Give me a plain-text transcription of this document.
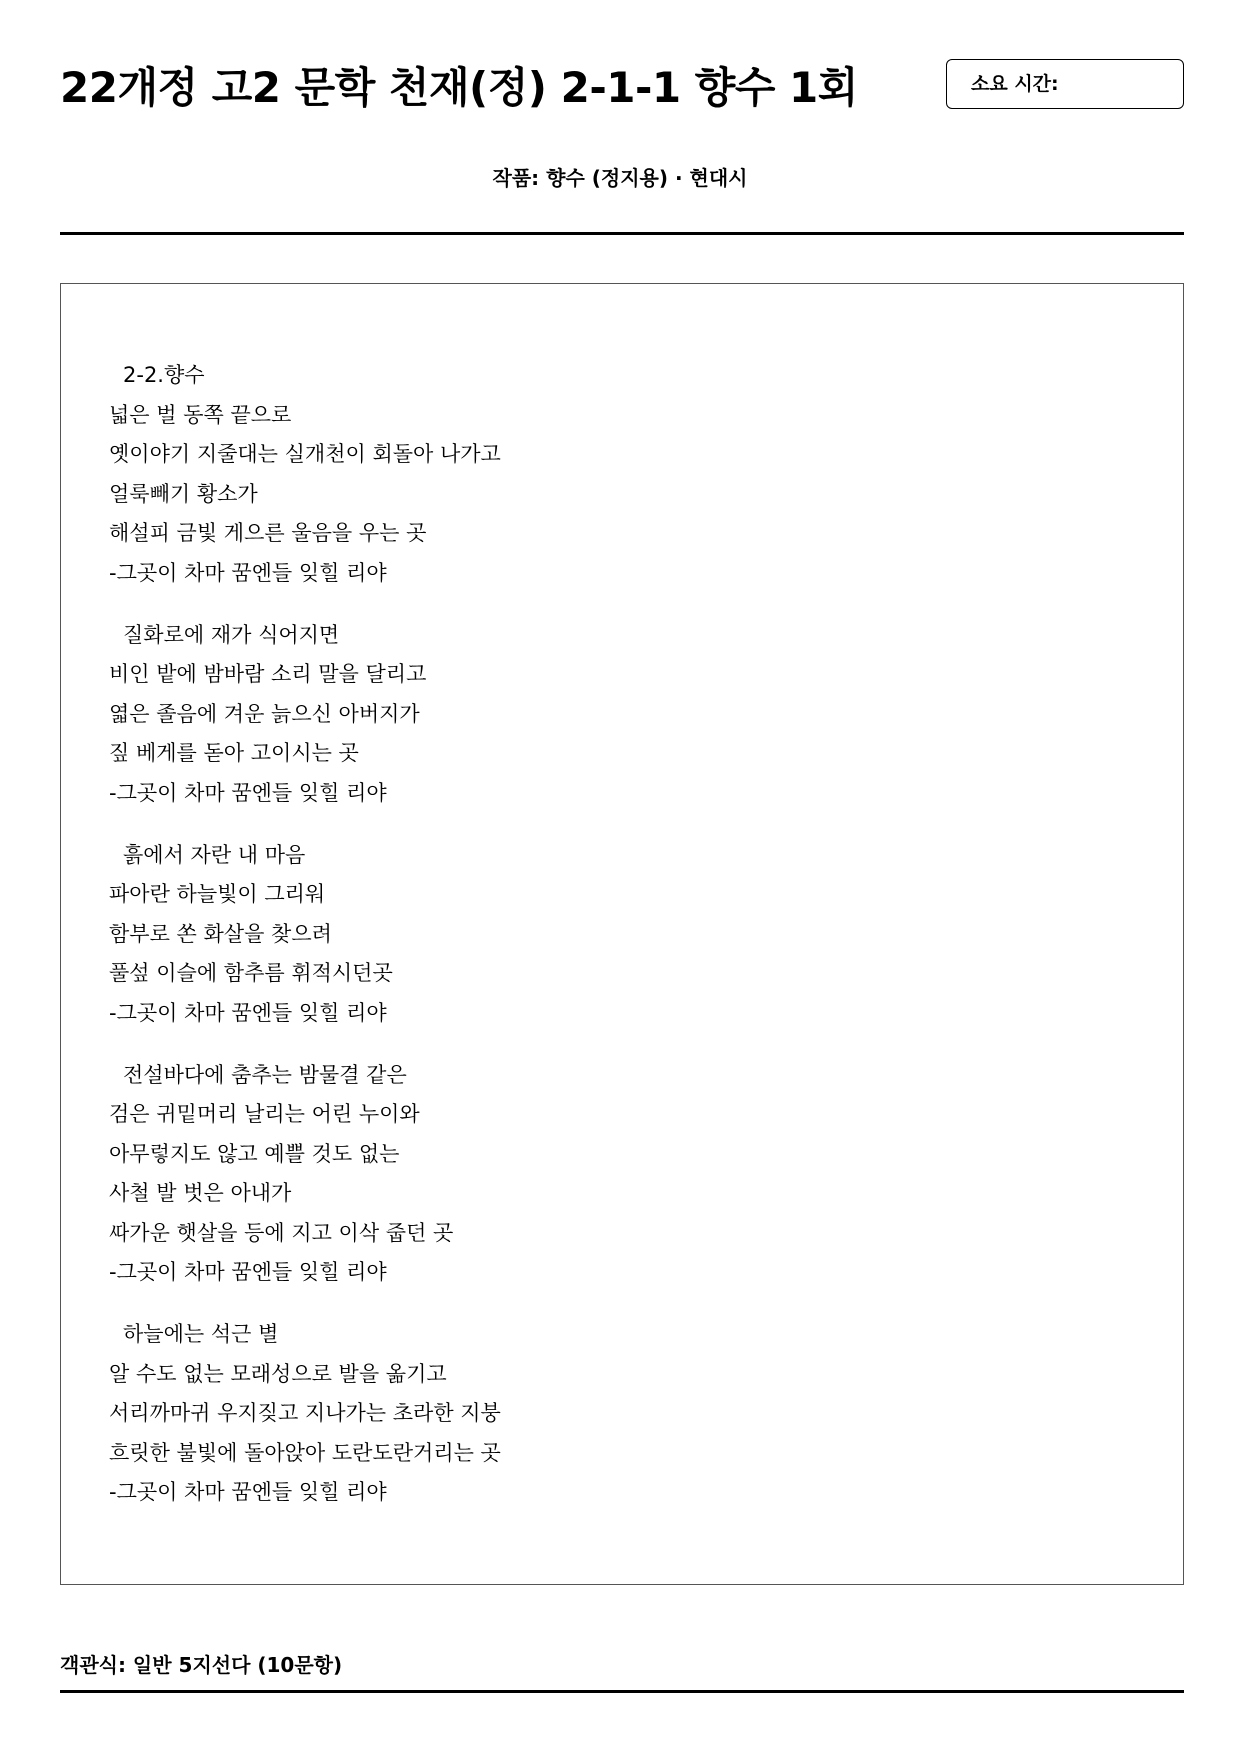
22개정 고2 문학 천재(정) 2-1-1 향수 1회	소요 시간:
작품: 향수 (정지용) · 현대시
2-2.향수
넓은 벌 동쪽 끝으로
옛이야기 지줄대는 실개천이 회돌아 나가고
얼룩빼기 황소가
해설피 금빛 게으른 울음을 우는 곳
-그곳이 차마 꿈엔들 잊힐 리야
질화로에 재가 식어지면
비인 밭에 밤바람 소리 말을 달리고
엷은 졸음에 겨운 늙으신 아버지가
짚 베게를 돋아 고이시는 곳
-그곳이 차마 꿈엔들 잊힐 리야
흙에서 자란 내 마음
파아란 하늘빛이 그리워
함부로 쏜 화살을 찾으려
풀섶 이슬에 함추름 휘적시던곳
-그곳이 차마 꿈엔들 잊힐 리야
전설바다에 춤추는 밤물결 같은
검은 귀밑머리 날리는 어린 누이와
아무렇지도 않고 예쁠 것도 없는
사철 발 벗은 아내가
ᄯᅡ가운 햇살을 등에 지고 이삭 줍던 곳
-그곳이 차마 꿈엔들 잊힐 리야
하늘에는 석근 별
알 수도 없는 모래성으로 발을 옮기고
서리까마귀 우지짖고 지나가는 초라한 지붕
흐릿한 불빛에 돌아앉아 도란도란거리는 곳
-그곳이 차마 꿈엔들 잊힐 리야
객관식: 일반 5지선다 (10문항)
